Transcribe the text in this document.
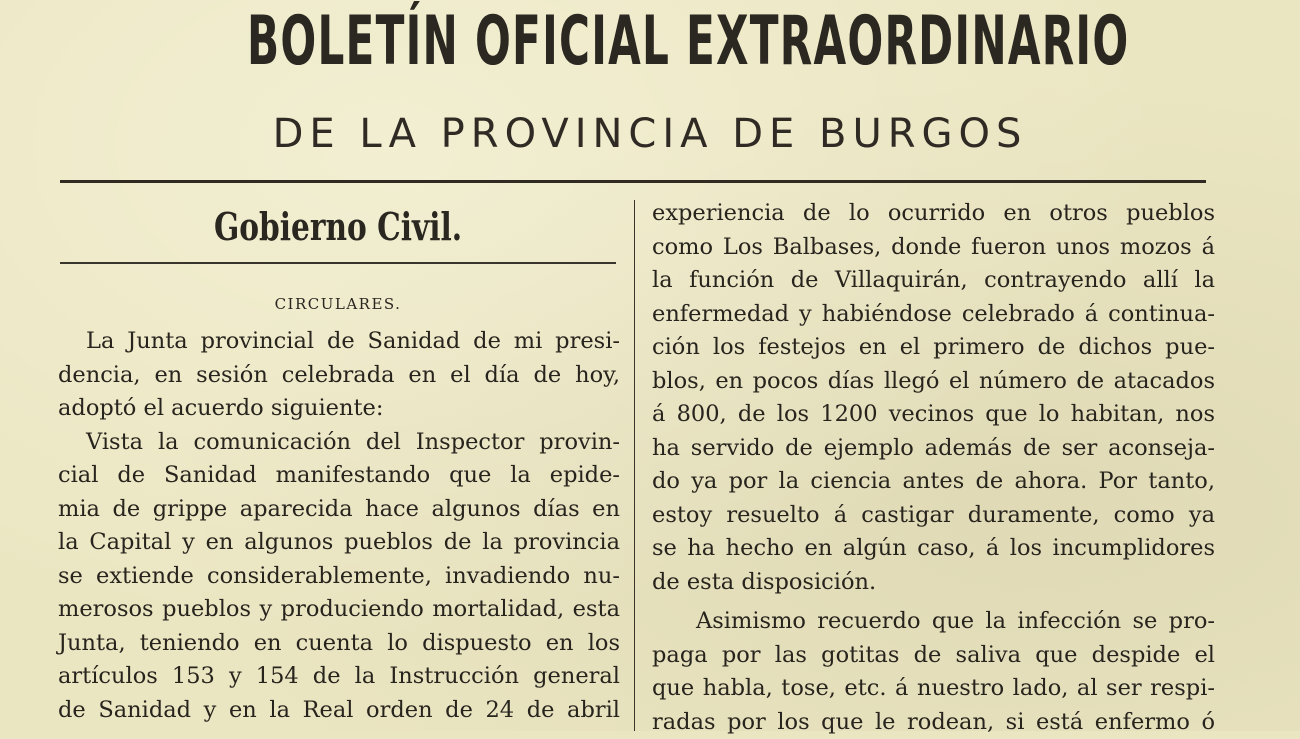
BOLETÍN OFICIAL EXTRAORDINARIO
DE LA PROVINCIA DE BURGOS
Gobierno Civil.
CIRCULARES.
La Junta provincial de Sanidad de mi presi-
dencia, en sesión celebrada en el día de hoy,
adoptó el acuerdo siguiente:
Vista la comunicación del Inspector provin-
cial de Sanidad manifestando que la epide-
mia de grippe aparecida hace algunos días en
la Capital y en algunos pueblos de la provincia
se extiende considerablemente, invadiendo nu-
merosos pueblos y produciendo mortalidad, esta
Junta, teniendo en cuenta lo dispuesto en los
artículos 153 y 154 de la Instrucción general
de Sanidad y en la Real orden de 24 de abril
experiencia de lo ocurrido en otros pueblos
como Los Balbases, donde fueron unos mozos á
la función de Villaquirán, contrayendo allí la
enfermedad y habiéndose celebrado á continua-
ción los festejos en el primero de dichos pue-
blos, en pocos días llegó el número de atacados
á 800, de los 1200 vecinos que lo habitan, nos
ha servido de ejemplo además de ser aconseja-
do ya por la ciencia antes de ahora. Por tanto,
estoy resuelto á castigar duramente, como ya
se ha hecho en algún caso, á los incumplidores
de esta disposición.
Asimismo recuerdo que la infección se pro-
paga por las gotitas de saliva que despide el
que habla, tose, etc. á nuestro lado, al ser respi-
radas por los que le rodean, si está enfermo ó
